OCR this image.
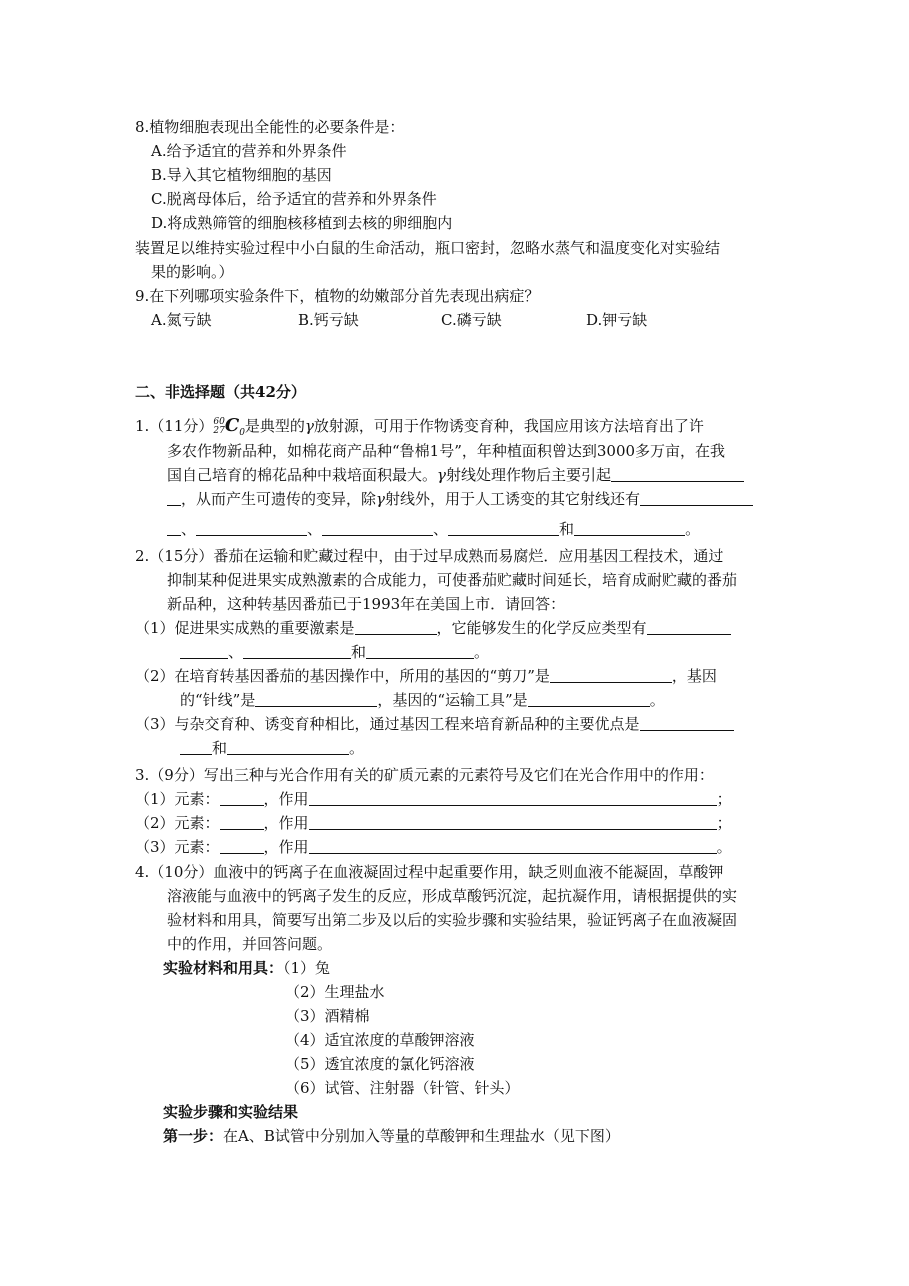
8.植物细胞表现出全能性的必要条件是：
A.给予适宜的营养和外界条件
B.导入其它植物细胞的基因
C.脱离母体后，给予适宜的营养和外界条件
D.将成熟筛管的细胞核移植到去核的卵细胞内
装置足以维持实验过程中小白鼠的生命活动，瓶口密封，忽略水蒸气和温度变化对实验结
果的影响。）
9.在下列哪项实验条件下，植物的幼嫩部分首先表现出病症？
A.氮亏缺	B.钙亏缺	C.磷亏缺	D.钾亏缺
二、非选择题（共42分）
1.（11分）60
$27C_0$是典型的γ放射源，可用于作物诱变育种，我国应用该方法培育出了许
多农作物新品种，如棉花商产品种“鲁棉1号”，年种植面积曾达到3000多万亩，在我
国自己培育的棉花品种中栽培面积最大。γ射线处理作物后主要引起
，从而产生可遗传的变异，除γ射线外，用于人工诱变的其它射线还有
、	、	、	和	。
2.（15分）番茄在运输和贮藏过程中，由于过早成熟而易腐烂．应用基因工程技术，通过
抑制某种促进果实成熟激素的合成能力，可使番茄贮藏时间延长，培育成耐贮藏的番茄
新品种，这种转基因番茄已于1993年在美国上市．请回答：
（1）促进果实成熟的重要激素是	，它能够发生的化学反应类型有
、	和	。
（2）在培育转基因番茄的基因操作中，所用的基因的“剪刀”是	，基因
的“针线”是	，基因的“运输工具”是	。
（3）与杂交育种、诱变育种相比，通过基因工程来培育新品种的主要优点是
和	。
3.（9分）写出三种与光合作用有关的矿质元素的元素符号及它们在光合作用中的作用：
（1）元素：	，作用	；
（2）元素：	，作用	；
（3）元素：	，作用	。
4.（10分）血液中的钙离子在血液凝固过程中起重要作用，缺乏则血液不能凝固，草酸钾
溶液能与血液中的钙离子发生的反应，形成草酸钙沉淀，起抗凝作用，请根据提供的实
验材料和用具，简要写出第二步及以后的实验步骤和实验结果，验证钙离子在血液凝固
中的作用，并回答问题。
实验材料和用具：（1）兔
（2）生理盐水
（3）酒精棉
（4）适宜浓度的草酸钾溶液
（5）透宜浓度的氯化钙溶液
（6）试管、注射器（针管、针头）
实验步骤和实验结果
第一步：在A、B试管中分别加入等量的草酸钾和生理盐水（见下图）
